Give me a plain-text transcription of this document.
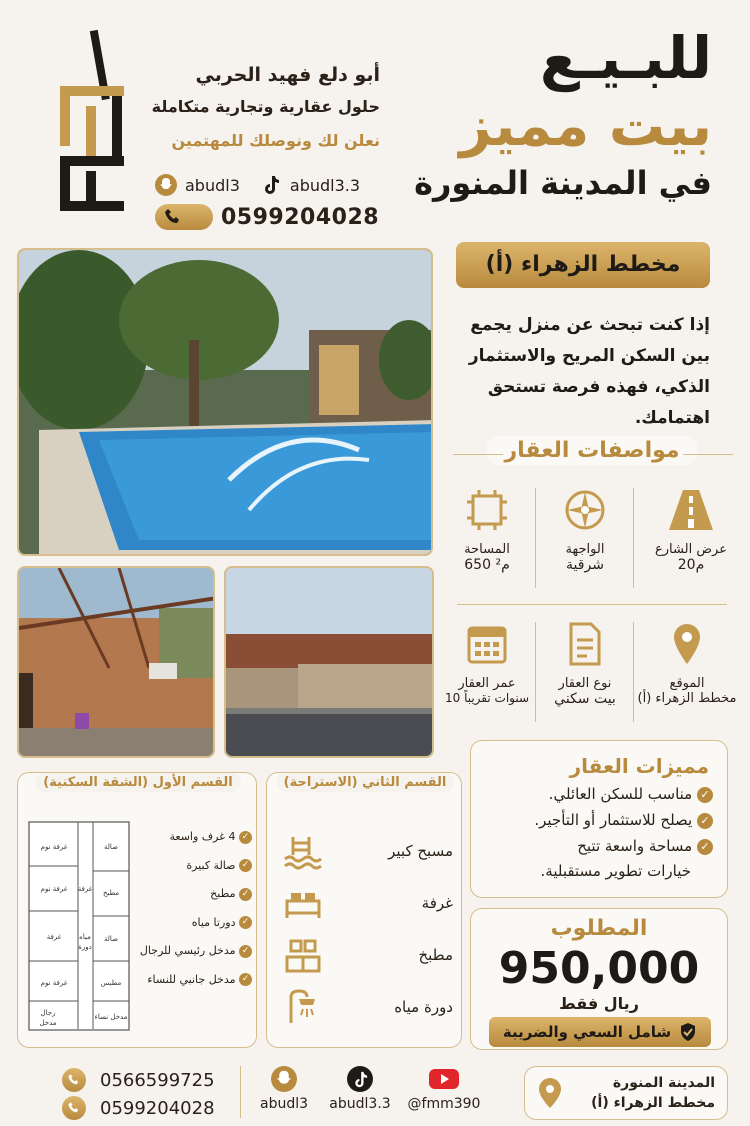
أبو دلع فهيد الحربي
حلول عقارية وتجارية متكاملة
نعلن لك ونوصلك للمهتمين
abudl3	abudl3.3
0599204028
للبـيـع
بيت مميز
في المدينة المنورة
مخطط الزهراء (أ)
إذا كنت تبحث عن منزل يجمع بين السكن المريح والاستثمار الذكي، فهذه فرصة تستحق اهتمامك.
مواصفات العقار
عرض الشارع
20م
الواجهة
شرقية
المساحة
650 م²
الموقع
مخطط الزهراء (أ)
نوع العقار
بيت سكني
عمر العقار
10 سنوات تقريباً
مميزات العقار
✓ مناسب للسكن العائلي.
✓ يصلح للاستثمار أو التأجير.
✓ مساحة واسعة تتيح
خيارات تطوير مستقبلية.
المطلوب
950,000
ريال فقط
شامل السعي والضريبة
القسم الأول (الشقة السكنية)
غرفة نوم	صالة
غرفة نوم	مطبخ
غرفة
غرفة
صالة
غرفة نوم	مطبس
رجال
مدخل
مدخل نساء
مياه
دورة
✓ 4 غرف واسعة
✓ صالة كبيرة
✓ مطبخ
✓ دورتا مياه
✓ مدخل رئيسي للرجال
✓ مدخل جانبي للنساء
القسم الثاني (الاستراحة)
مسبح كبير
غرفة
مطبخ
دورة مياه
0566599725
0599204028	abudl3	abudl3.3	@fmm390
المدينة المنورة
مخطط الزهراء (أ)
